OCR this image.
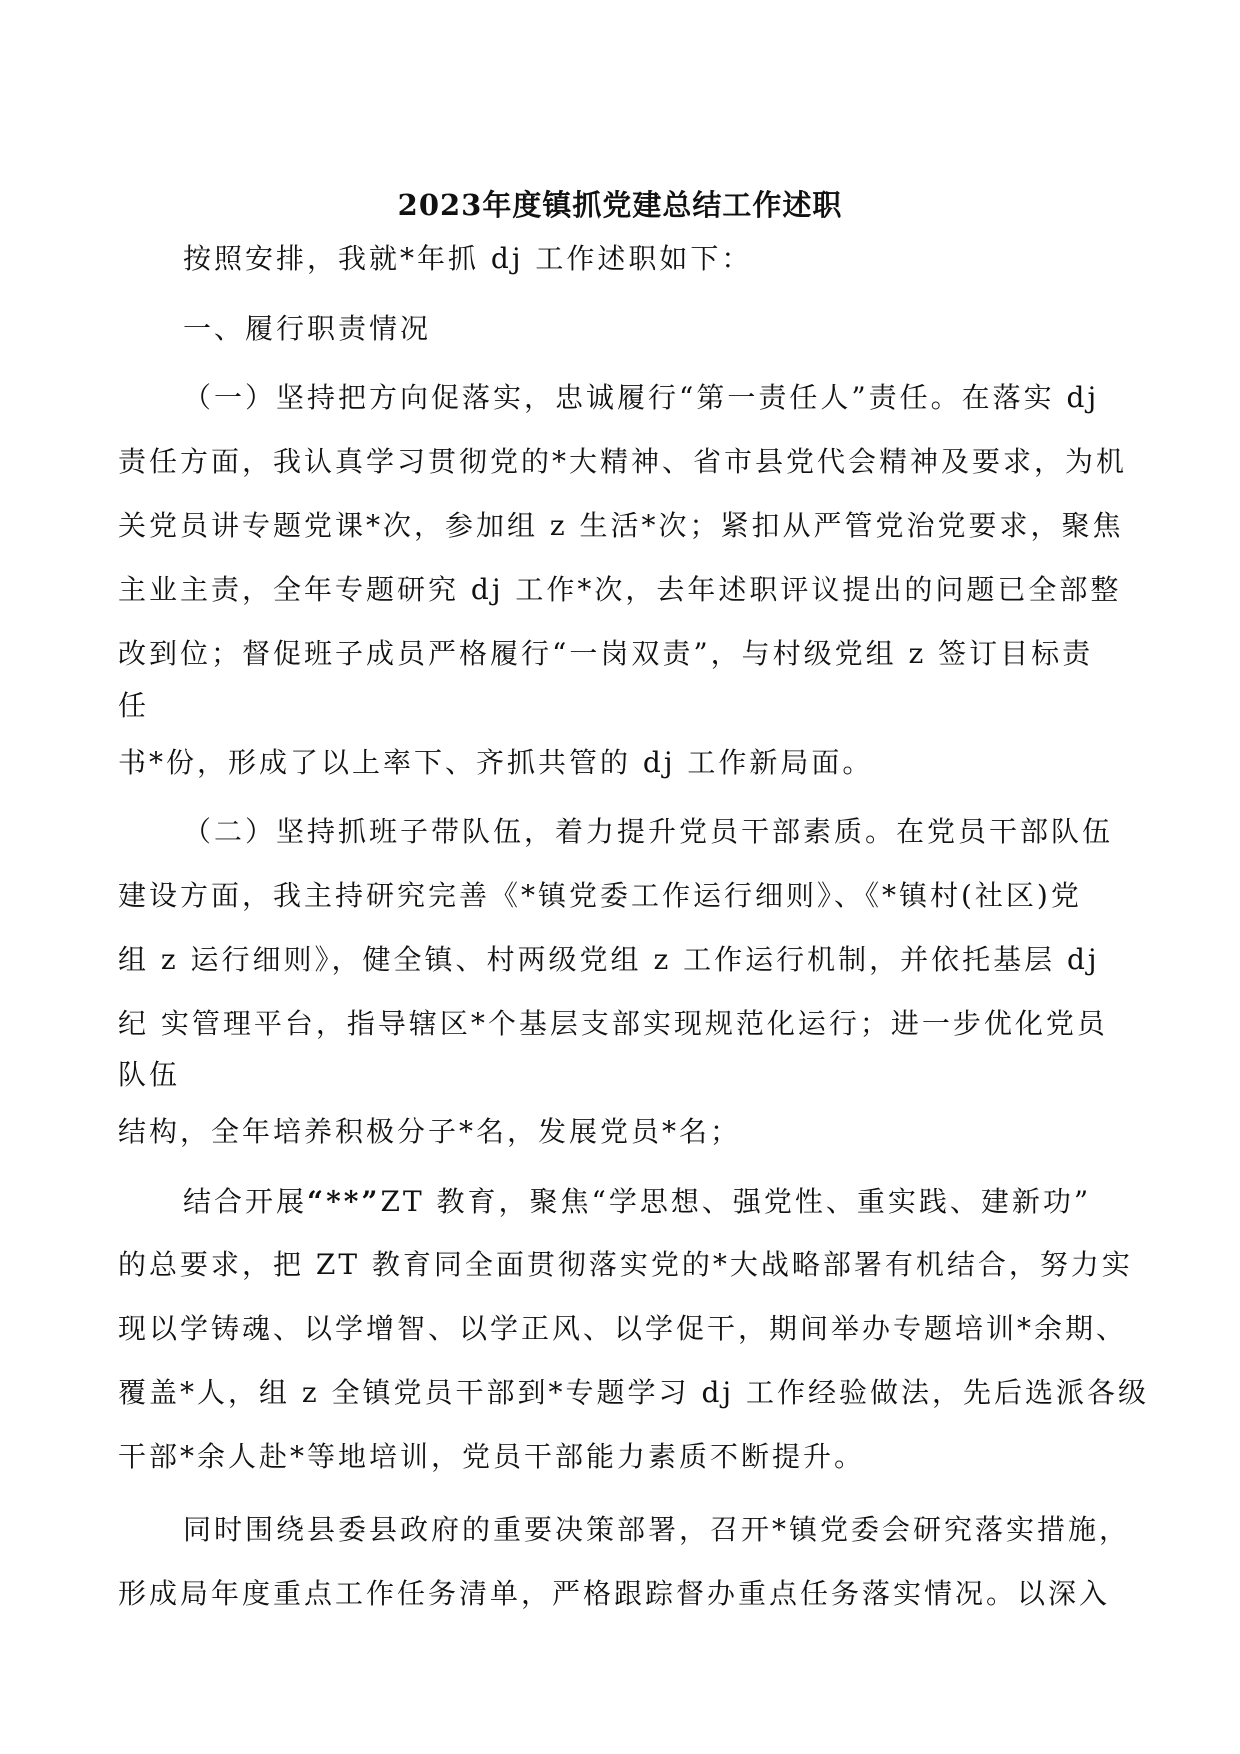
2023年度镇抓党建总结工作述职
按照安排，我就*年抓 dj 工作述职如下：
一、履行职责情况
（一）坚持把方向促落实，忠诚履行“第一责任人”责任。在落实 dj
责任方面，我认真学习贯彻党的*大精神、省市县党代会精神及要求，为机
关党员讲专题党课*次，参加组 z 生活*次；紧扣从严管党治党要求，聚焦
主业主责，全年专题研究 dj 工作*次，去年述职评议提出的问题已全部整
改到位；督促班子成员严格履行“一岗双责”，与村级党组 z 签订目标责
任
书*份，形成了以上率下、齐抓共管的 dj 工作新局面。
（二）坚持抓班子带队伍，着力提升党员干部素质。在党员干部队伍
建设方面，我主持研究完善《*镇党委工作运行细则》、《*镇村(社区)党
组 z 运行细则》，健全镇、村两级党组 z 工作运行机制，并依托基层 dj
纪 实管理平台，指导辖区*个基层支部实现规范化运行；进一步优化党员
队伍
结构，全年培养积极分子*名，发展党员*名；
结合开展“**”ZT 教育，聚焦“学思想、强党性、重实践、建新功”
的总要求，把 ZT 教育同全面贯彻落实党的*大战略部署有机结合，努力实
现以学铸魂、以学增智、以学正风、以学促干，期间举办专题培训*余期、
覆盖*人，组 z 全镇党员干部到*专题学习 dj 工作经验做法，先后选派各级
干部*余人赴*等地培训，党员干部能力素质不断提升。
同时围绕县委县政府的重要决策部署，召开*镇党委会研究落实措施，
形成局年度重点工作任务清单，严格跟踪督办重点任务落实情况。以深入
